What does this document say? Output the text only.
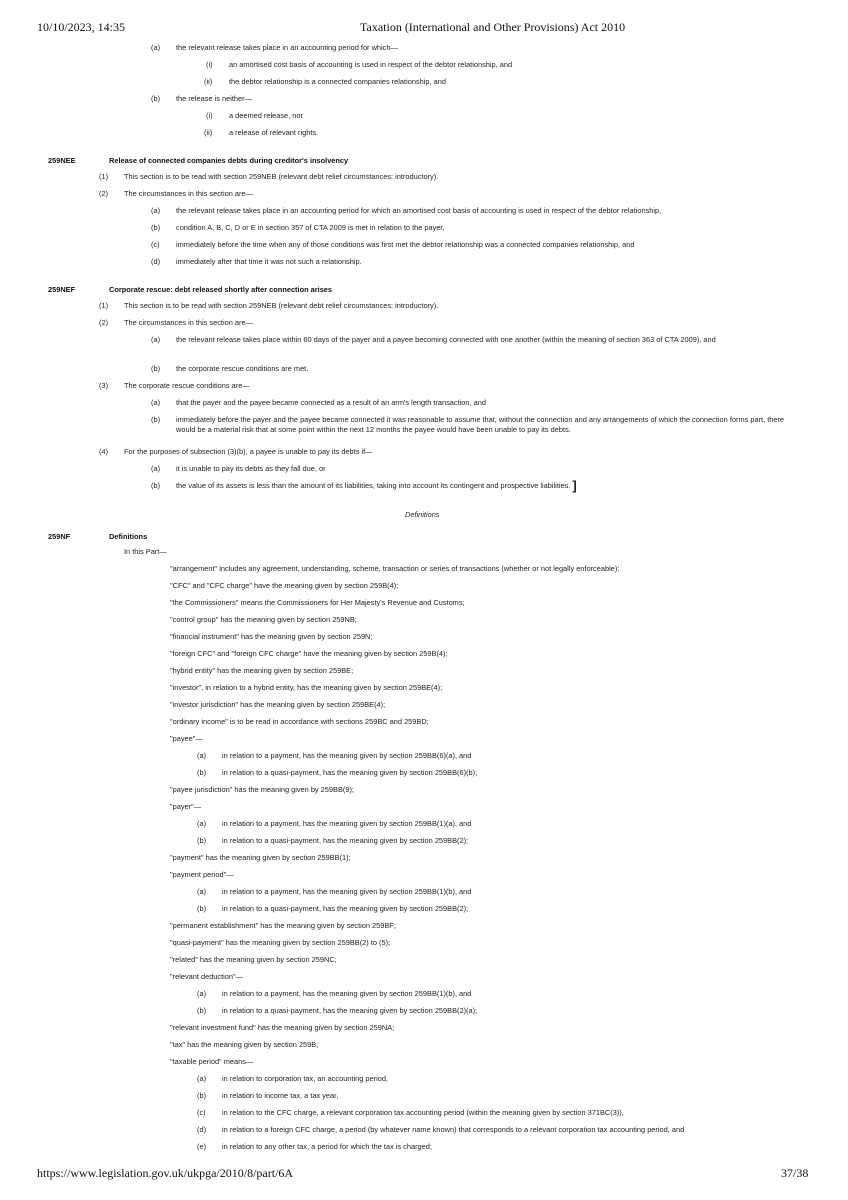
10/10/2023, 14:35	Taxation (International and Other Provisions) Act 2010
(a) the relevant release takes place in an accounting period for which—
(i) an amortised cost basis of accounting is used in respect of the debtor relationship, and
(ii) the debtor relationship is a connected companies relationship, and
(b) the release is neither—
(i) a deemed release, nor
(ii) a release of relevant rights.
259NEE	Release of connected companies debts during creditor's insolvency
(1) This section is to be read with section 259NEB (relevant debt relief circumstances: introductory).
(2) The circumstances in this section are—
(a) the relevant release takes place in an accounting period for which an amortised cost basis of accounting is used in respect of the debtor relationship,
(b) condition A, B, C, D or E in section 357 of CTA 2009 is met in relation to the payer,
(c) immediately before the time when any of those conditions was first met the debtor relationship was a connected companies relationship, and
(d) immediately after that time it was not such a relationship.
259NEF	Corporate rescue: debt released shortly after connection arises
(1) This section is to be read with section 259NEB (relevant debt relief circumstances: introductory).
(2) The circumstances in this section are—
(a) the relevant release takes place within 60 days of the payer and a payee becoming connected with one another (within the meaning of section 363 of CTA 2009), and
(b) the corporate rescue conditions are met.
(3) The corporate rescue conditions are—
(a) that the payer and the payee became connected as a result of an arm's length transaction, and
(b) immediately before the payer and the payee became connected it was reasonable to assume that, without the connection and any arrangements of which the connection forms part, there would be a material risk that at some point within the next 12 months the payee would have been unable to pay its debts.
(4) For the purposes of subsection (3)(b), a payee is unable to pay its debts if—
(a) it is unable to pay its debts as they fall due, or
(b) the value of its assets is less than the amount of its liabilities, taking into account its contingent and prospective liabilities. ]
Definitions
259NF	Definitions
In this Part—
"arrangement" includes any agreement, understanding, scheme, transaction or series of transactions (whether or not legally enforceable);
"CFC" and "CFC charge" have the meaning given by section 259B(4);
"the Commissioners" means the Commissioners for Her Majesty's Revenue and Customs;
"control group" has the meaning given by section 259NB;
"financial instrument" has the meaning given by section 259N;
"foreign CFC" and "foreign CFC charge" have the meaning given by section 259B(4);
"hybrid entity" has the meaning given by section 259BE;
"investor", in relation to a hybrid entity, has the meaning given by section 259BE(4);
"investor jurisdiction" has the meaning given by section 259BE(4);
"ordinary income" is to be read in accordance with sections 259BC and 259BD;
"payee"—
(a) in relation to a payment, has the meaning given by section 259BB(6)(a), and
(b) in relation to a quasi-payment, has the meaning given by section 259BB(6)(b);
"payee jurisdiction" has the meaning given by 259BB(9);
"payer"—
(a) in relation to a payment, has the meaning given by section 259BB(1)(a), and
(b) in relation to a quasi-payment, has the meaning given by section 259BB(2);
"payment" has the meaning given by section 259BB(1);
"payment period"—
(a) in relation to a payment, has the meaning given by section 259BB(1)(b), and
(b) in relation to a quasi-payment, has the meaning given by section 259BB(2);
"permanent establishment" has the meaning given by section 259BF;
"quasi-payment" has the meaning given by section 259BB(2) to (5);
"related" has the meaning given by section 259NC;
"relevant deduction"—
(a) in relation to a payment, has the meaning given by section 259BB(1)(b), and
(b) in relation to a quasi-payment, has the meaning given by section 259BB(2)(a);
"relevant investment fund" has the meaning given by section 259NA;
"tax" has the meaning given by section 259B;
"taxable period" means—
(a) in relation to corporation tax, an accounting period,
(b) in relation to income tax, a tax year,
(c) in relation to the CFC charge, a relevant corporation tax accounting period (within the meaning given by section 371BC(3)),
(d) in relation to a foreign CFC charge, a period (by whatever name known) that corresponds to a relevant corporation tax accounting period, and
(e) in relation to any other tax, a period for which the tax is charged;
https://www.legislation.gov.uk/ukpga/2010/8/part/6A	37/38
